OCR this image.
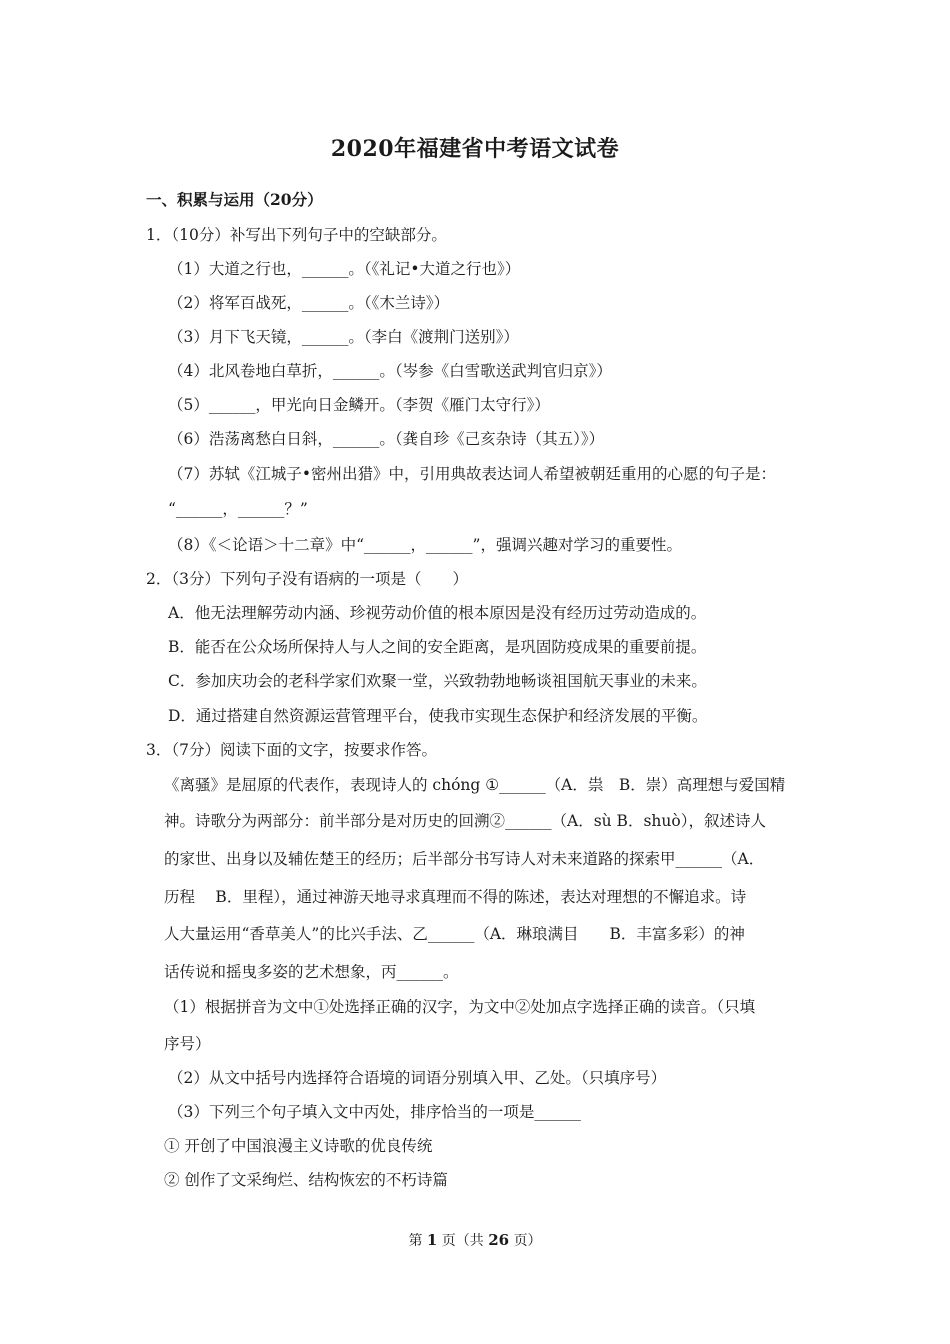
2020年福建省中考语文试卷
一、积累与运用（20分）
1．（10分）补写出下列句子中的空缺部分。
（1）大道之行也，______。（《礼记•大道之行也》）
（2）将军百战死，______。（《木兰诗》）
（3）月下飞天镜，______。（李白《渡荆门送别》）
（4）北风卷地白草折，______。（岑参《白雪歌送武判官归京》）
（5）______，甲光向日金鳞开。（李贺《雁门太守行》）
（6）浩荡离愁白日斜，______。（龚自珍《己亥杂诗（其五）》）
（7）苏轼《江城子•密州出猎》中，引用典故表达词人希望被朝廷重用的心愿的句子是：
“______，______？”
（8）《＜论语＞十二章》中“______，______”，强调兴趣对学习的重要性。
2．（3分）下列句子没有语病的一项是（　　）
A．他无法理解劳动内涵、珍视劳动价值的根本原因是没有经历过劳动造成的。
B．能否在公众场所保持人与人之间的安全距离，是巩固防疫成果的重要前提。
C．参加庆功会的老科学家们欢聚一堂，兴致勃勃地畅谈祖国航天事业的未来。
D．通过搭建自然资源运营管理平台，使我市实现生态保护和经济发展的平衡。
3．（7分）阅读下面的文字，按要求作答。
《离骚》是屈原的代表作，表现诗人的 chóng ①______（A．祟　B．崇）高理想与爱国精
神。诗歌分为两部分：前半部分是对历史的回溯②______（A．sù B．shuò），叙述诗人
的家世、出身以及辅佐楚王的经历；后半部分书写诗人对未来道路的探索甲______（A．
历程　 B．里程），通过神游天地寻求真理而不得的陈述，表达对理想的不懈追求。诗
人大量运用“香草美人”的比兴手法、乙______（A．琳琅满目　　B．丰富多彩）的神
话传说和摇曳多姿的艺术想象，丙______。
（1）根据拼音为文中①处选择正确的汉字，为文中②处加点字选择正确的读音。（只填
序号）
（2）从文中括号内选择符合语境的词语分别填入甲、乙处。（只填序号）
（3）下列三个句子填入文中丙处，排序恰当的一项是______
① 开创了中国浪漫主义诗歌的优良传统
② 创作了文采绚烂、结构恢宏的不朽诗篇
第 1 页（共 26 页）
